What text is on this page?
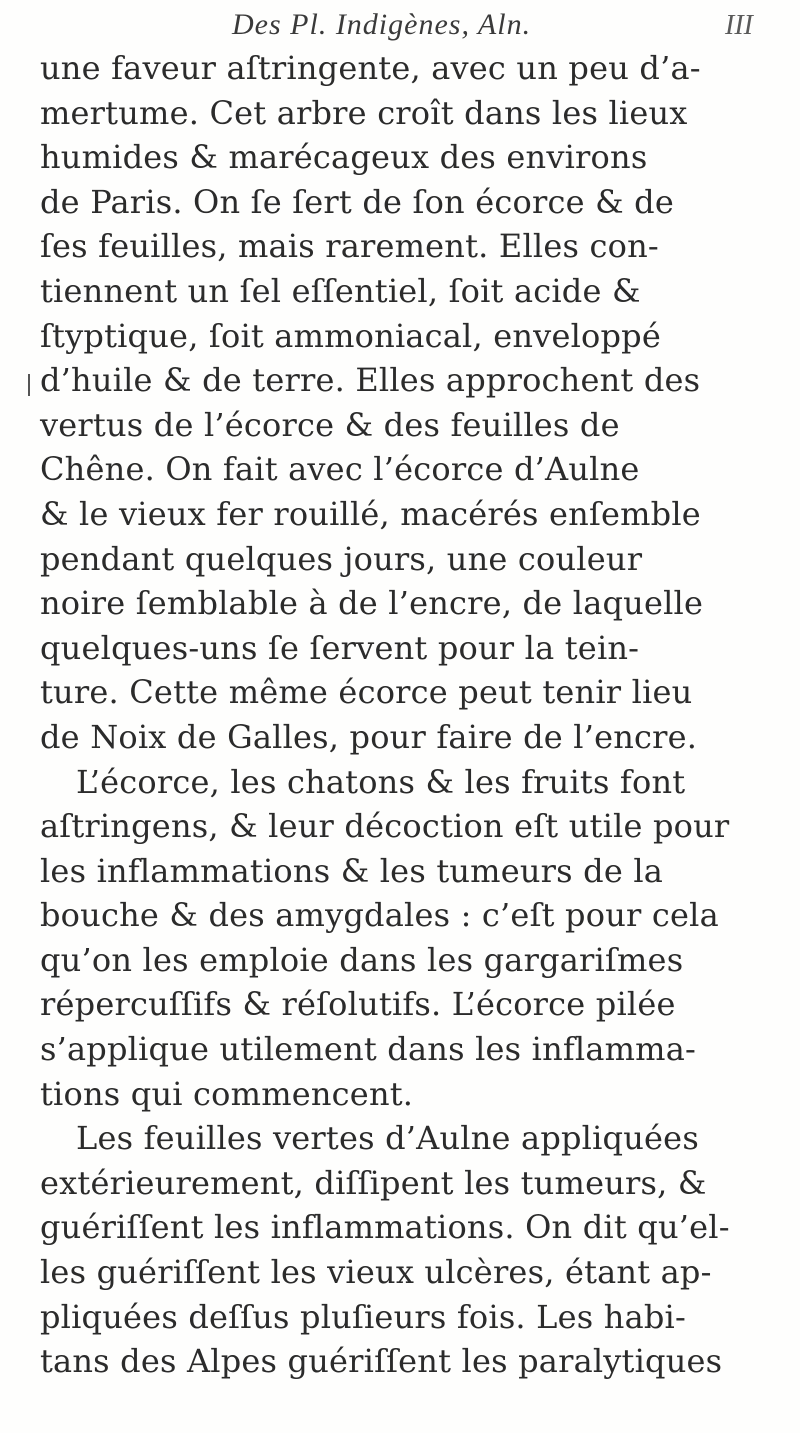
Des Pl. Indigènes, Aln.	III
une faveur aſtringente, avec un peu d’a-
mertume. Cet arbre croît dans les lieux
humides & marécageux des environs
de Paris. On ſe ſert de ſon écorce & de
ſes feuilles, mais rarement. Elles con-
tiennent un ſel eſſentiel, ſoit acide &
ſtyptique, ſoit ammoniacal, enveloppé
d’huile & de terre. Elles approchent des
vertus de l’écorce & des feuilles de
Chêne. On fait avec l’écorce d’Aulne
& le vieux fer rouillé, macérés enſemble
pendant quelques jours, une couleur
noire ſemblable à de l’encre, de laquelle
quelques-uns ſe ſervent pour la tein-
ture. Cette même écorce peut tenir lieu
de Noix de Galles, pour faire de l’encre.
L’écorce, les chatons & les fruits font
aſtringens, & leur décoction eſt utile pour
les inflammations & les tumeurs de la
bouche & des amygdales : c’eſt pour cela
qu’on les emploie dans les gargariſmes
répercuſſifs & réſolutifs. L’écorce pilée
s’applique utilement dans les inflamma-
tions qui commencent.
Les feuilles vertes d’Aulne appliquées
extérieurement, diſſipent les tumeurs, &
guériſſent les inflammations. On dit qu’el-
les guériſſent les vieux ulcères, étant ap-
pliquées deſſus pluſieurs fois. Les habi-
tans des Alpes guériſſent les paralytiques
